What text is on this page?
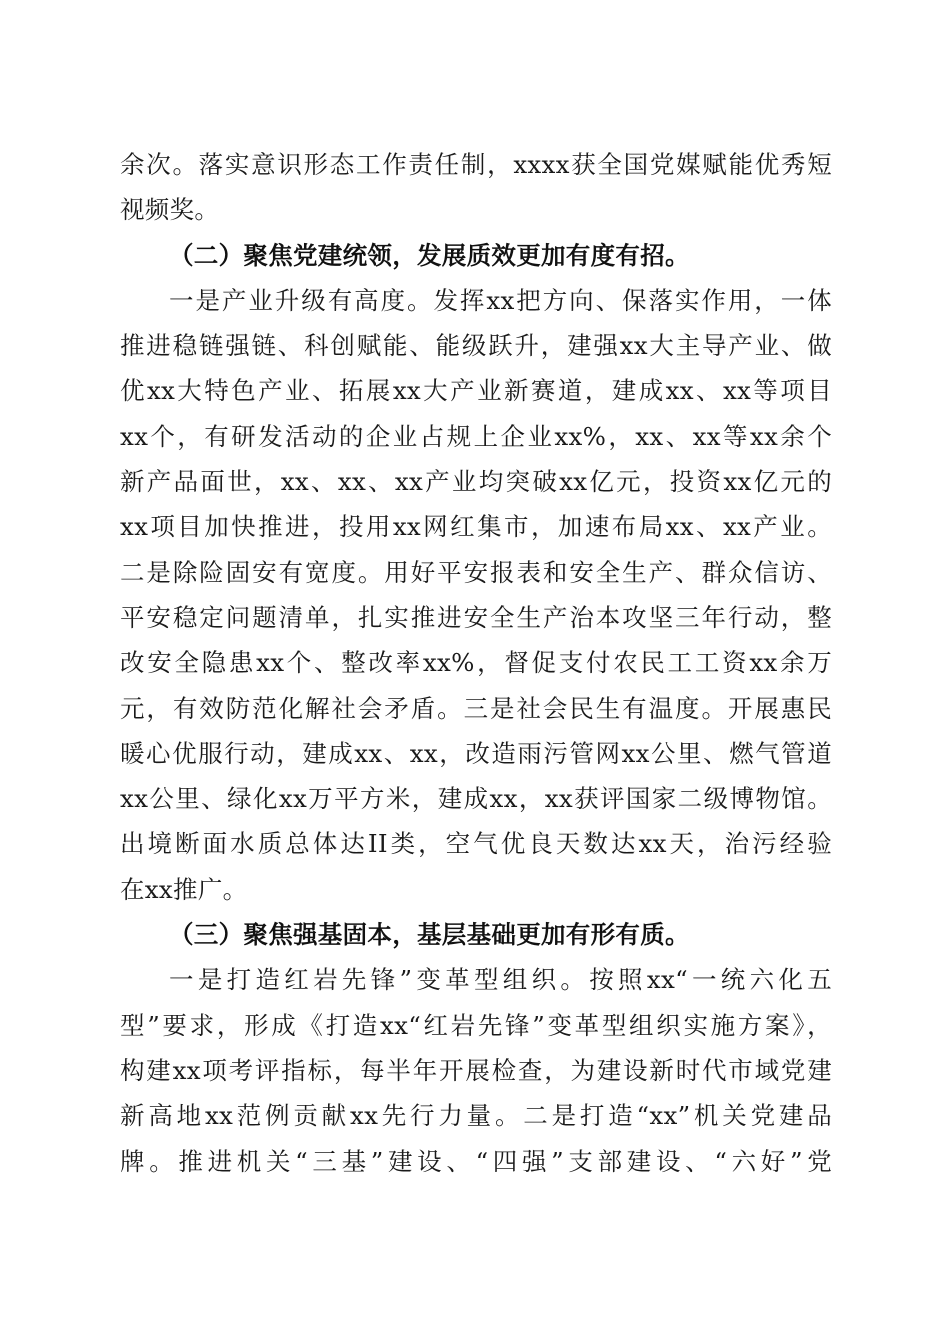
余次。落实意识形态工作责任制，xxxx获全国党媒赋能优秀短
视频奖。
（二）聚焦党建统领，发展质效更加有度有招。
一是产业升级有高度。发挥xx把方向、保落实作用，一体
推进稳链强链、科创赋能、能级跃升，建强xx大主导产业、做
优xx大特色产业、拓展xx大产业新赛道，建成xx、xx等项目
xx个，有研发活动的企业占规上企业xx%，xx、xx等xx余个
新产品面世，xx、xx、xx产业均突破xx亿元，投资xx亿元的
xx项目加快推进，投用xx网红集市，加速布局xx、xx产业。
二是除险固安有宽度。用好平安报表和安全生产、群众信访、
平安稳定问题清单，扎实推进安全生产治本攻坚三年行动，整
改安全隐患xx个、整改率xx%，督促支付农民工工资xx余万
元，有效防范化解社会矛盾。三是社会民生有温度。开展惠民
暖心优服行动，建成xx、xx，改造雨污管网xx公里、燃气管道
xx公里、绿化xx万平方米，建成xx，xx获评国家二级博物馆。
出境断面水质总体达II类，空气优良天数达xx天，治污经验
在xx推广。
（三）聚焦强基固本，基层基础更加有形有质。
一是打造红岩先锋”变革型组织。按照xx“一统六化五
型”要求，形成《打造xx“红岩先锋”变革型组织实施方案》，
构建xx项考评指标，每半年开展检查，为建设新时代市域党建
新高地xx范例贡献xx先行力量。二是打造“xx”机关党建品
牌。推进机关“三基”建设、“四强”支部建设、“六好”党
